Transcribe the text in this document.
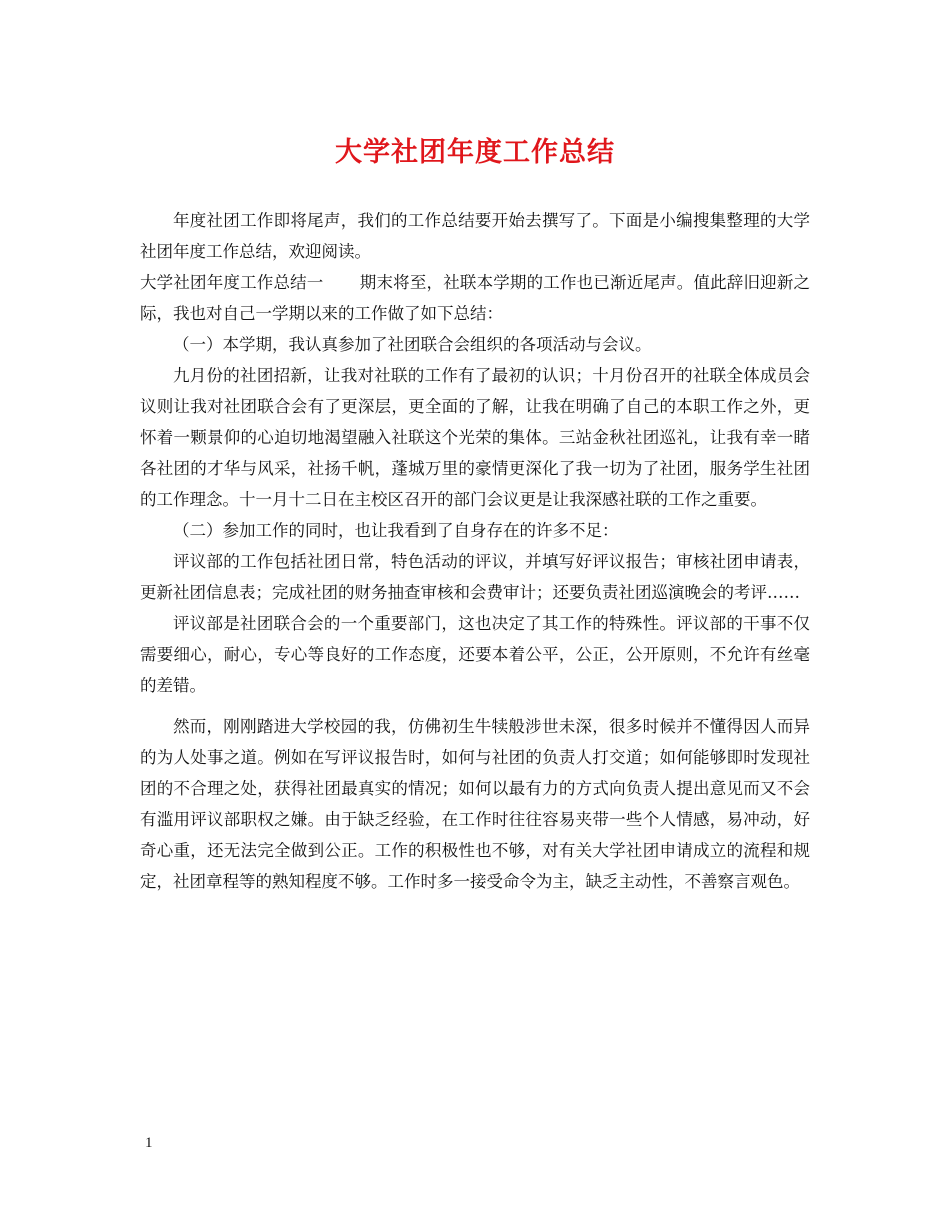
大学社团年度工作总结

年度社团工作即将尾声，我们的工作总结要开始去撰写了。下面是小编搜集整理的大学社团年度工作总结，欢迎阅读。

大学社团年度工作总结一 期末将至，社联本学期的工作也已渐近尾声。值此辞旧迎新之际，我也对自己一学期以来的工作做了如下总结：

（一）本学期，我认真参加了社团联合会组织的各项活动与会议。

九月份的社团招新，让我对社联的工作有了最初的认识；十月份召开的社联全体成员会议则让我对社团联合会有了更深层，更全面的了解，让我在明确了自己的本职工作之外，更怀着一颗景仰的心迫切地渴望融入社联这个光荣的集体。三站金秋社团巡礼，让我有幸一睹各社团的才华与风采，社扬千帆，蓬城万里的豪情更深化了我一切为了社团，服务学生社团的工作理念。十一月十二日在主校区召开的部门会议更是让我深感社联的工作之重要。

（二）参加工作的同时，也让我看到了自身存在的许多不足：

评议部的工作包括社团日常，特色活动的评议，并填写好评议报告；审核社团申请表，更新社团信息表；完成社团的财务抽查审核和会费审计；还要负责社团巡演晚会的考评……

评议部是社团联合会的一个重要部门，这也决定了其工作的特殊性。评议部的干事不仅需要细心，耐心，专心等良好的工作态度，还要本着公平，公正，公开原则，不允许有丝毫的差错。

然而，刚刚踏进大学校园的我，仿佛初生牛犊般涉世未深，很多时候并不懂得因人而异的为人处事之道。例如在写评议报告时，如何与社团的负责人打交道；如何能够即时发现社团的不合理之处，获得社团最真实的情况；如何以最有力的方式向负责人提出意见而又不会有滥用评议部职权之嫌。由于缺乏经验，在工作时往往容易夹带一些个人情感，易冲动，好奇心重，还无法完全做到公正。工作的积极性也不够，对有关大学社团申请成立的流程和规定，社团章程等的熟知程度不够。工作时多一接受命令为主，缺乏主动性，不善察言观色。

1
